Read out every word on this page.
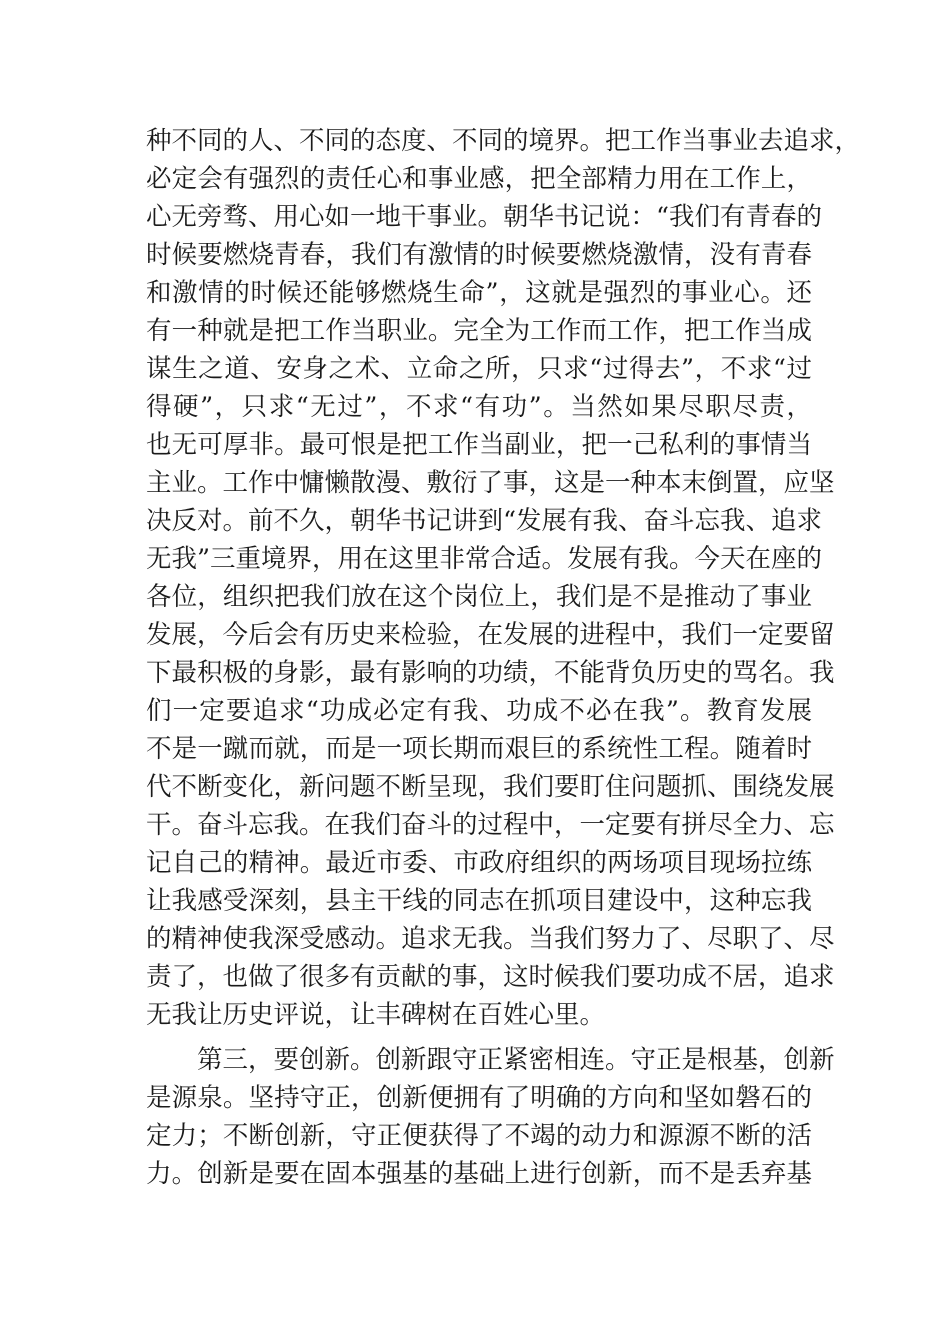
种不同的人、不同的态度、不同的境界。把工作当事业去追求，
必定会有强烈的责任心和事业感，把全部精力用在工作上，
心无旁骛、用心如一地干事业。朝华书记说：“我们有青春的
时候要燃烧青春，我们有激情的时候要燃烧激情，没有青春
和激情的时候还能够燃烧生命”，这就是强烈的事业心。还
有一种就是把工作当职业。完全为工作而工作，把工作当成
谋生之道、安身之术、立命之所，只求“过得去”，不求“过
得硬”，只求“无过”，不求“有功”。当然如果尽职尽责，
也无可厚非。最可恨是把工作当副业，把一己私利的事情当
主业。工作中慵懒散漫、敷衍了事，这是一种本末倒置，应坚
决反对。前不久，朝华书记讲到“发展有我、奋斗忘我、追求
无我”三重境界，用在这里非常合适。发展有我。今天在座的
各位，组织把我们放在这个岗位上，我们是不是推动了事业
发展，今后会有历史来检验，在发展的进程中，我们一定要留
下最积极的身影，最有影响的功绩，不能背负历史的骂名。我
们一定要追求“功成必定有我、功成不必在我”。教育发展
不是一蹴而就，而是一项长期而艰巨的系统性工程。随着时
代不断变化，新问题不断呈现，我们要盯住问题抓、围绕发展
干。奋斗忘我。在我们奋斗的过程中，一定要有拼尽全力、忘
记自己的精神。最近市委、市政府组织的两场项目现场拉练
让我感受深刻，县主干线的同志在抓项目建设中，这种忘我
的精神使我深受感动。追求无我。当我们努力了、尽职了、尽
责了，也做了很多有贡献的事，这时候我们要功成不居，追求
无我让历史评说，让丰碑树在百姓心里。
第三，要创新。创新跟守正紧密相连。守正是根基，创新
是源泉。坚持守正，创新便拥有了明确的方向和坚如磐石的
定力；不断创新，守正便获得了不竭的动力和源源不断的活
力。创新是要在固本强基的基础上进行创新，而不是丢弃基
